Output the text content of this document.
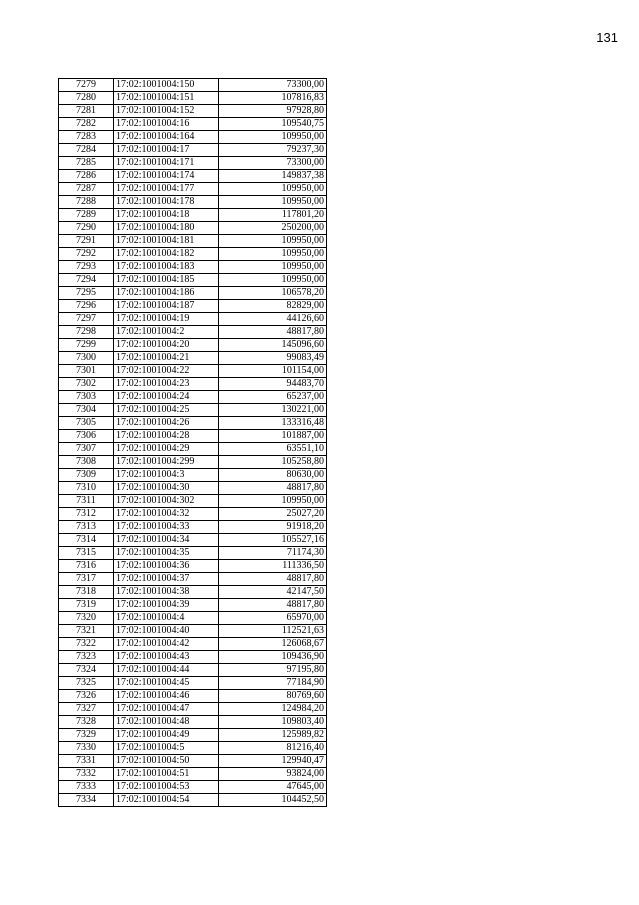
131
7279	17:02:1001004:150	73300,00
7280	17:02:1001004:151	107816,83
7281	17:02:1001004:152	97928,80
7282	17:02:1001004:16	109540,75
7283	17:02:1001004:164	109950,00
7284	17:02:1001004:17	79237,30
7285	17:02:1001004:171	73300,00
7286	17:02:1001004:174	149837,38
7287	17:02:1001004:177	109950,00
7288	17:02:1001004:178	109950,00
7289	17:02:1001004:18	117801,20
7290	17:02:1001004:180	250200,00
7291	17:02:1001004:181	109950,00
7292	17:02:1001004:182	109950,00
7293	17:02:1001004:183	109950,00
7294	17:02:1001004:185	109950,00
7295	17:02:1001004:186	106578,20
7296	17:02:1001004:187	82829,00
7297	17:02:1001004:19	44126,60
7298	17:02:1001004:2	48817,80
7299	17:02:1001004:20	145096,60
7300	17:02:1001004:21	99083,49
7301	17:02:1001004:22	101154,00
7302	17:02:1001004:23	94483,70
7303	17:02:1001004:24	65237,00
7304	17:02:1001004:25	130221,00
7305	17:02:1001004:26	133316,48
7306	17:02:1001004:28	101887,00
7307	17:02:1001004:29	63551,10
7308	17:02:1001004:299	105258,80
7309	17:02:1001004:3	80630,00
7310	17:02:1001004:30	48817,80
7311	17:02:1001004:302	109950,00
7312	17:02:1001004:32	25027,20
7313	17:02:1001004:33	91918,20
7314	17:02:1001004:34	105527,16
7315	17:02:1001004:35	71174,30
7316	17:02:1001004:36	111336,50
7317	17:02:1001004:37	48817,80
7318	17:02:1001004:38	42147,50
7319	17:02:1001004:39	48817,80
7320	17:02:1001004:4	65970,00
7321	17:02:1001004:40	112521,63
7322	17:02:1001004:42	126068,67
7323	17:02:1001004:43	109436,90
7324	17:02:1001004:44	97195,80
7325	17:02:1001004:45	77184,90
7326	17:02:1001004:46	80769,60
7327	17:02:1001004:47	124984,20
7328	17:02:1001004:48	109803,40
7329	17:02:1001004:49	125989,82
7330	17:02:1001004:5	81216,40
7331	17:02:1001004:50	129940,47
7332	17:02:1001004:51	93824,00
7333	17:02:1001004:53	47645,00
7334	17:02:1001004:54	104452,50
